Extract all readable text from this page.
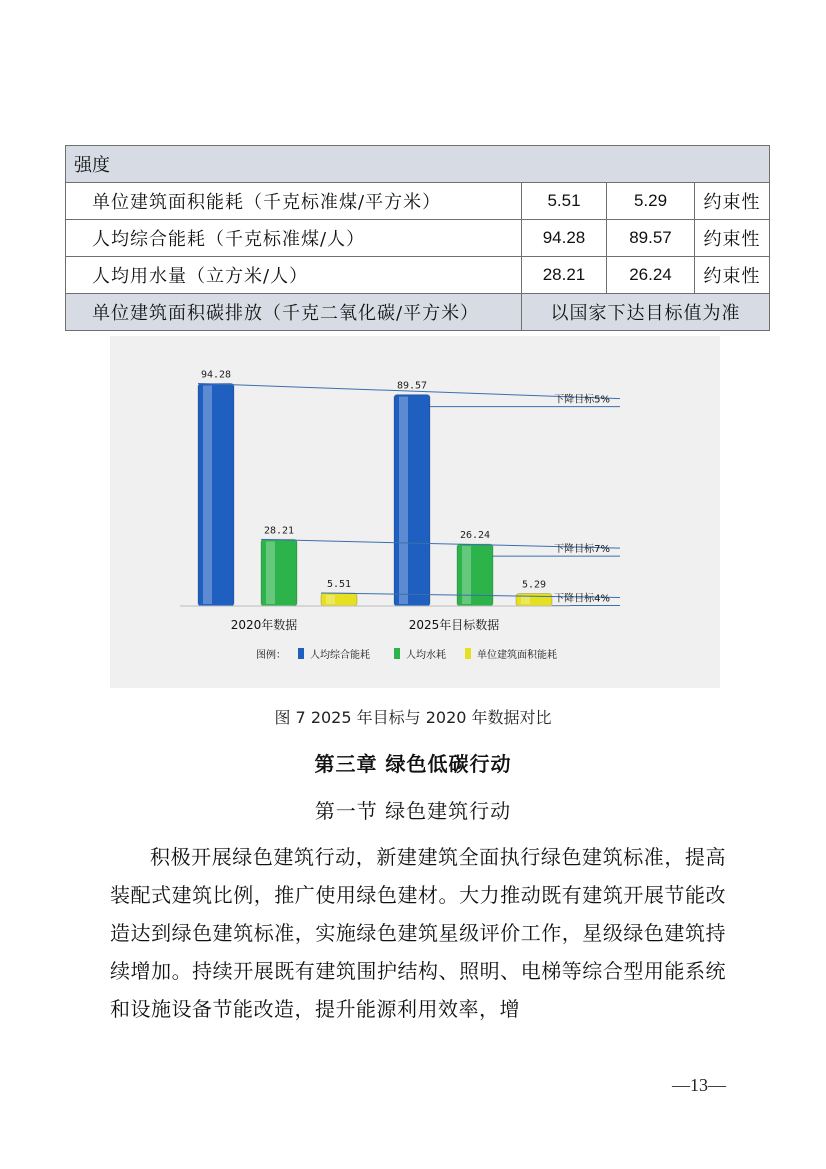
强度			
单位建筑面积能耗（千克标准煤/平方米）	5.51	5.29	约束性
人均综合能耗（千克标准煤/人）	94.28	89.57	约束性
人均用水量（立方米/人）	28.21	26.24	约束性
单位建筑面积碳排放（千克二氧化碳/平方米）	以国家下达目标值为准		
94.28
89.57
28.21	26.24
5.51	5.29
下降目标5%
下降目标7%
下降目标4%
2020年数据	2025年目标数据
图例： 人均综合能耗	人均水耗	单位建筑面积能耗
图 7 2025 年目标与 2020 年数据对比
第三章 绿色低碳行动
第一节 绿色建筑行动

积极开展绿色建筑行动，新建建筑全面执行绿色建筑标准，提高装配式建筑比例，推广使用绿色建材。大力推动既有建筑开展节能改造达到绿色建筑标准，实施绿色建筑星级评价工作，星级绿色建筑持续增加。持续开展既有建筑围护结构、照明、电梯等综合型用能系统和设施设备节能改造，提升能源利用效率，增

—13—
